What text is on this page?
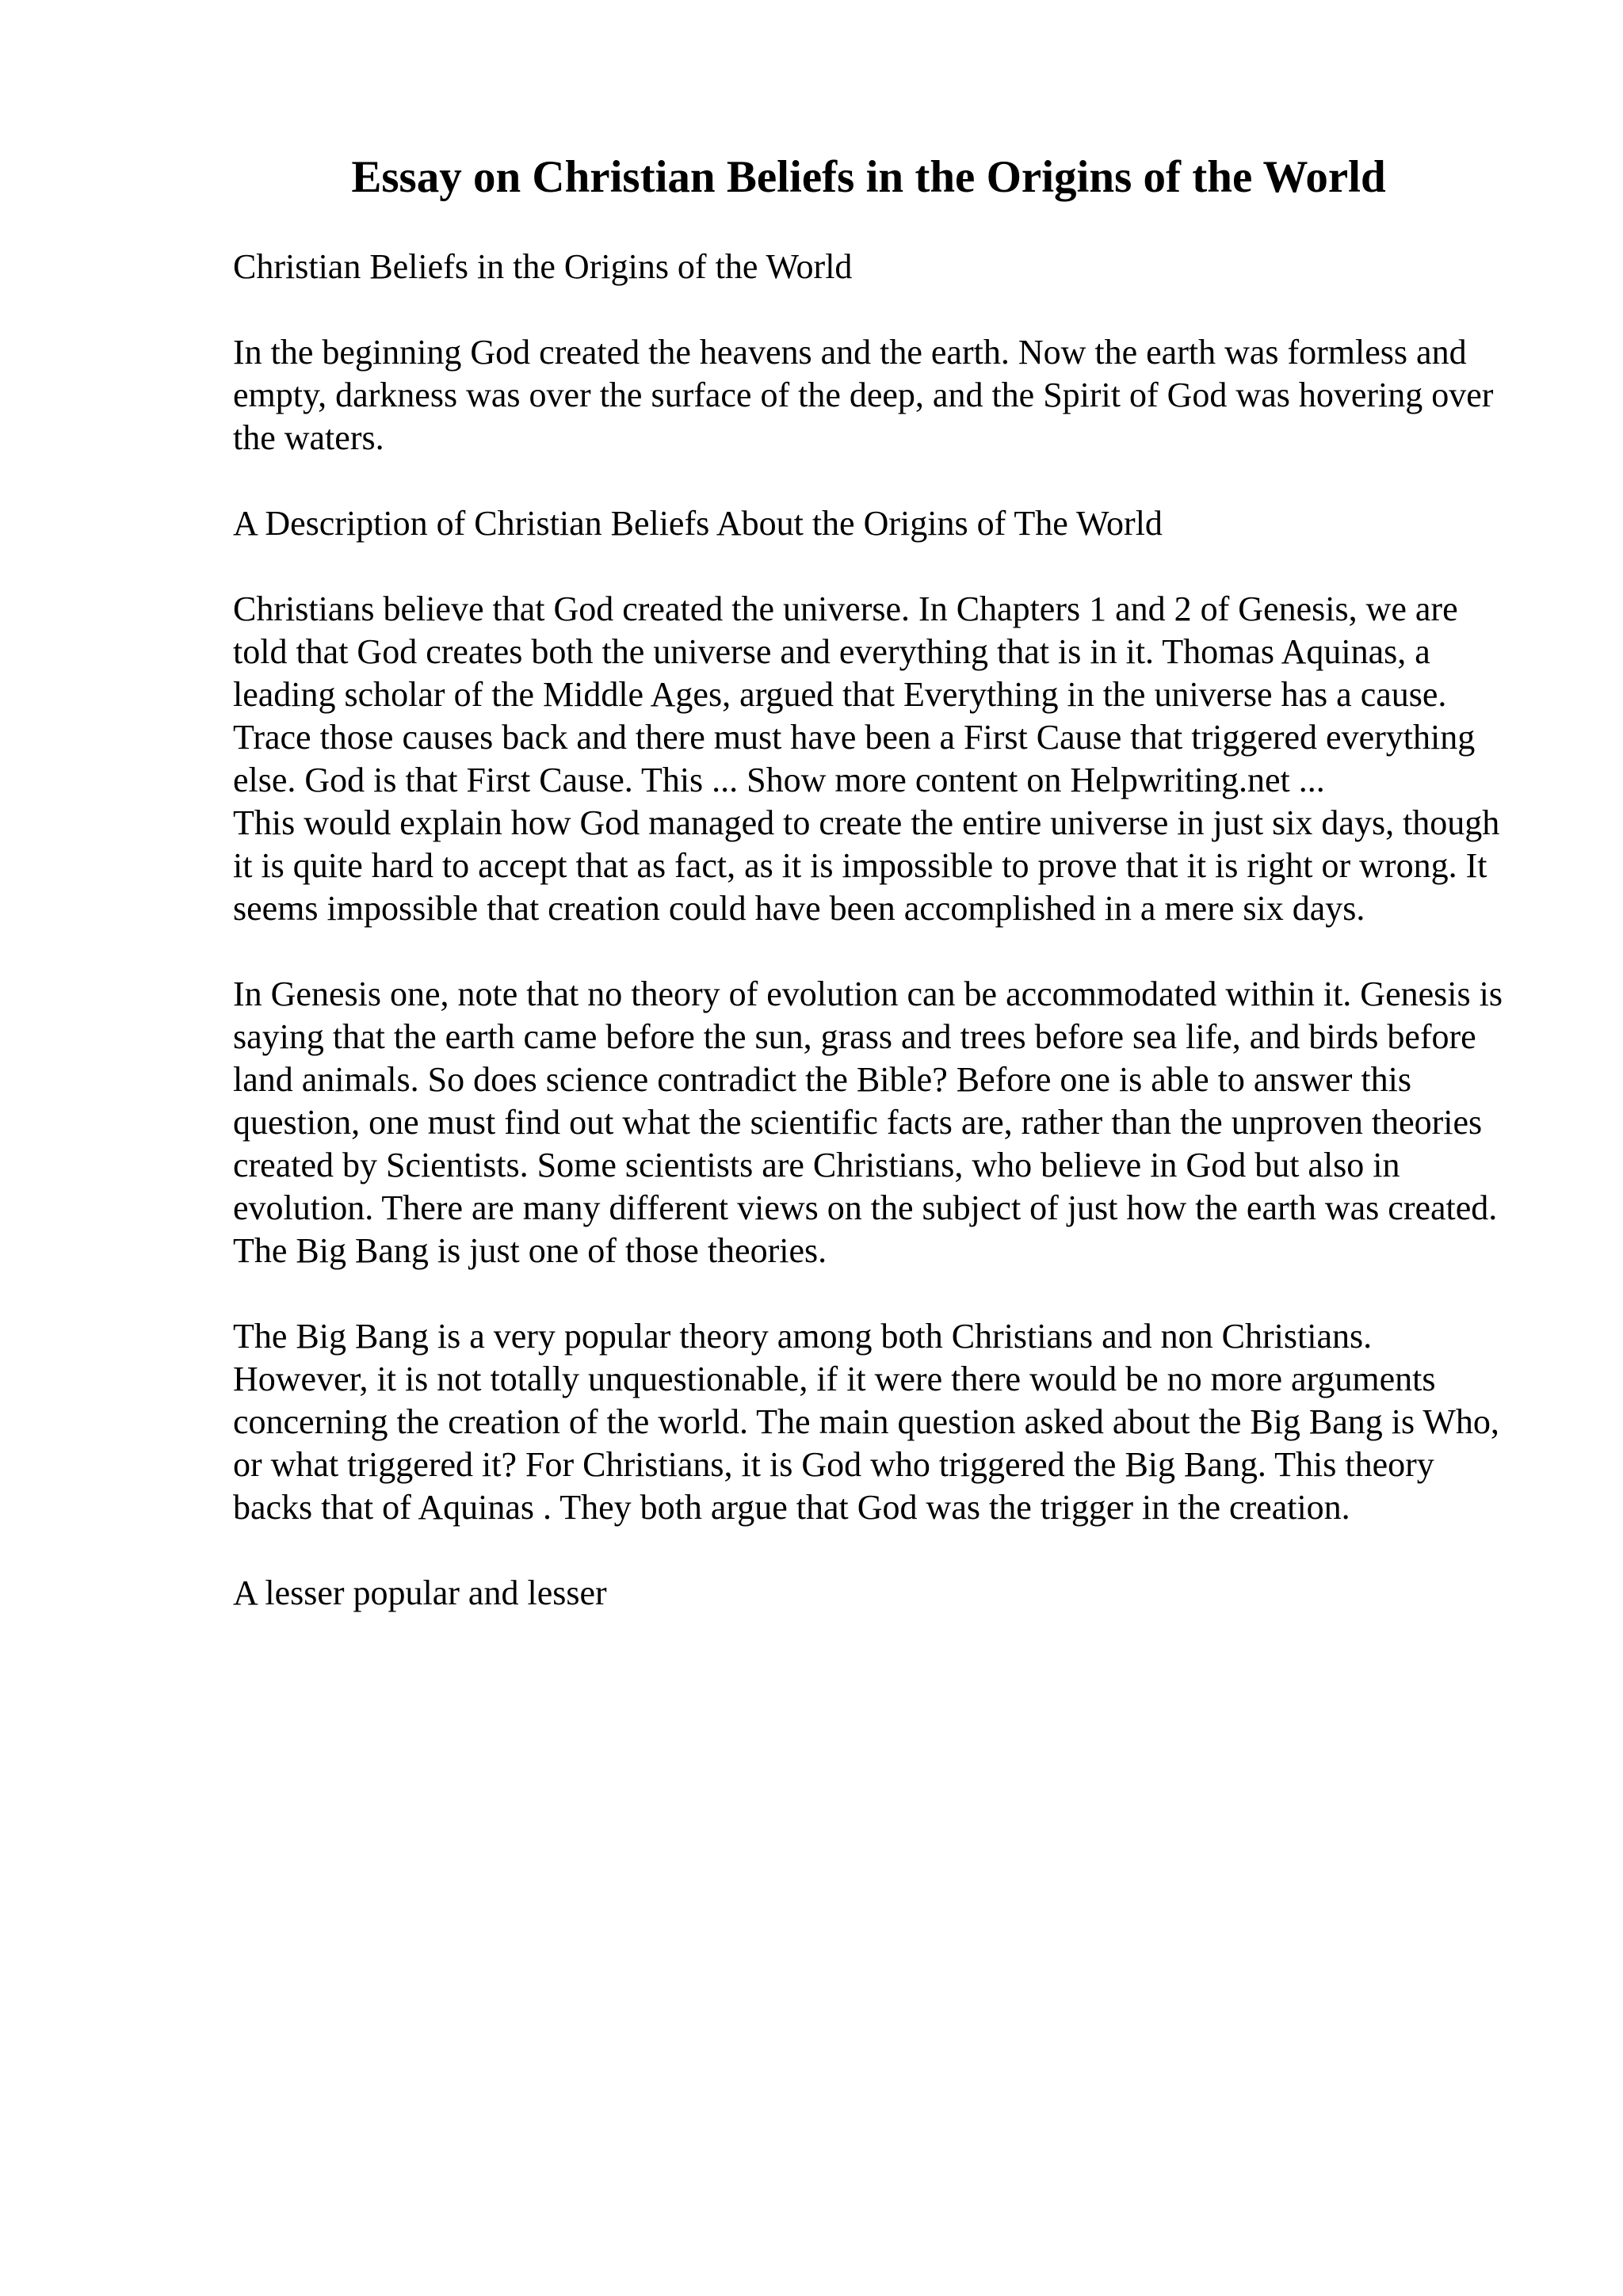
Essay on Christian Beliefs in the Origins of the World

Christian Beliefs in the Origins of the World

In the beginning God created the heavens and the earth. Now the earth was formless and empty, darkness was over the surface of the deep, and the Spirit of God was hovering over the waters.

A Description of Christian Beliefs About the Origins of The World

Christians believe that God created the universe. In Chapters 1 and 2 of Genesis, we are told that God creates both the universe and everything that is in it. Thomas Aquinas, a leading scholar of the Middle Ages, argued that Everything in the universe has a cause. Trace those causes back and there must have been a First Cause that triggered everything else. God is that First Cause. This ... Show more content on Helpwriting.net ...

This would explain how God managed to create the entire universe in just six days, though it is quite hard to accept that as fact, as it is impossible to prove that it is right or wrong. It seems impossible that creation could have been accomplished in a mere six days.

In Genesis one, note that no theory of evolution can be accommodated within it. Genesis is saying that the earth came before the sun, grass and trees before sea life, and birds before land animals. So does science contradict the Bible? Before one is able to answer this question, one must find out what the scientific facts are, rather than the unproven theories created by Scientists. Some scientists are Christians, who believe in God but also in evolution. There are many different views on the subject of just how the earth was created. The Big Bang is just one of those theories.

The Big Bang is a very popular theory among both Christians and non Christians. However, it is not totally unquestionable, if it were there would be no more arguments concerning the creation of the world. The main question asked about the Big Bang is Who, or what triggered it? For Christians, it is God who triggered the Big Bang. This theory backs that of Aquinas . They both argue that God was the trigger in the creation.

A lesser popular and lesser
